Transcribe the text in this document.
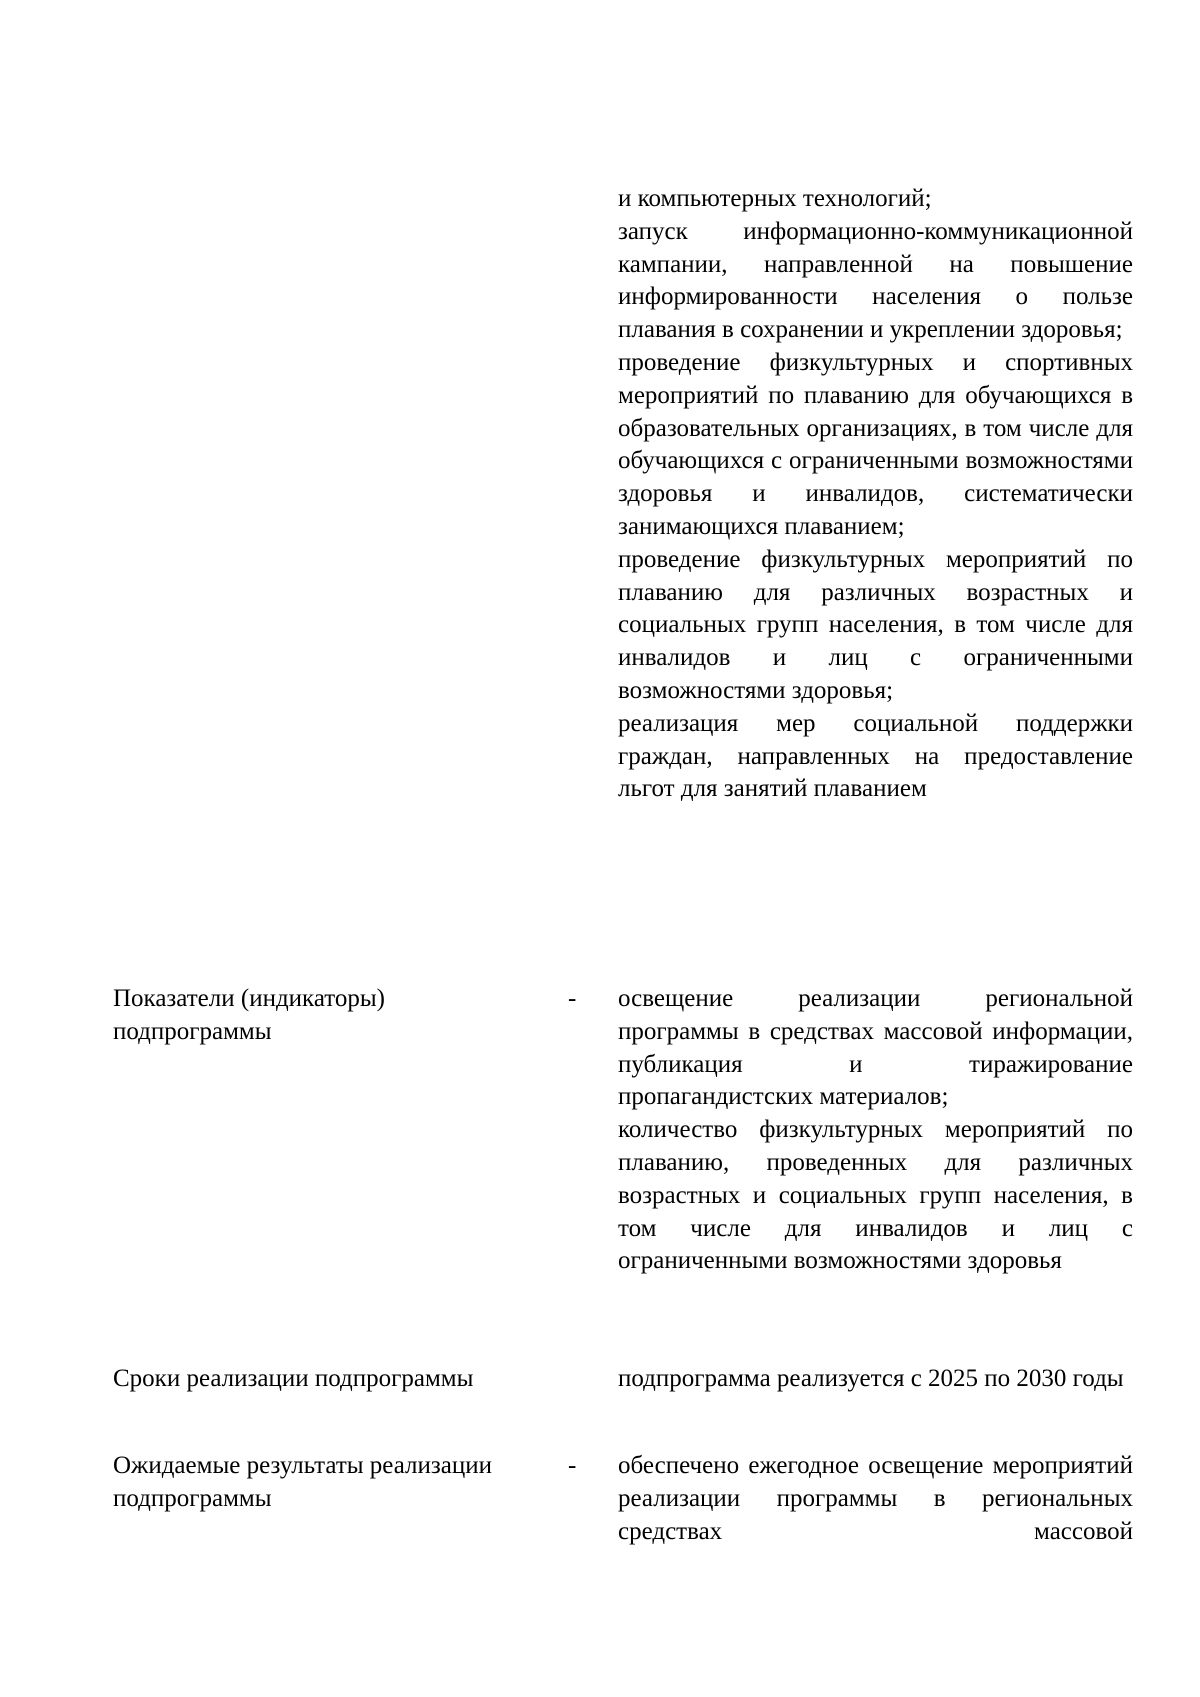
и компьютерных технологий;

запуск информационно-коммуникационной кампании, направленной на повышение информированности населения о пользе плавания в сохранении и укреплении здоровья;

проведение физкультурных и спортивных мероприятий по плаванию для обучающихся в образовательных организациях, в том числе для обучающихся с ограниченными возможностями здоровья и инвалидов, систематически занимающихся плаванием;

проведение физкультурных мероприятий по плаванию для различных возрастных и социальных групп населения, в том числе для инвалидов и лиц с ограниченными возможностями здоровья;

реализация мер социальной поддержки граждан, направленных на предоставление льгот для занятий плаванием

Показатели (индикаторы)
подпрограммы
- освещение реализации региональной программы в средствах массовой информации, публикация и тиражирование пропагандистских материалов;

количество физкультурных мероприятий по плаванию, проведенных для различных возрастных и социальных групп населения, в том числе для инвалидов и лиц с ограниченными возможностями здоровья

Сроки реализации подпрограммы	подпрограмма реализуется с 2025 по 2030 годы

Ожидаемые результаты реализации
подпрограммы
- обеспечено ежегодное освещение мероприятий реализации программы в региональных средствах массовой
